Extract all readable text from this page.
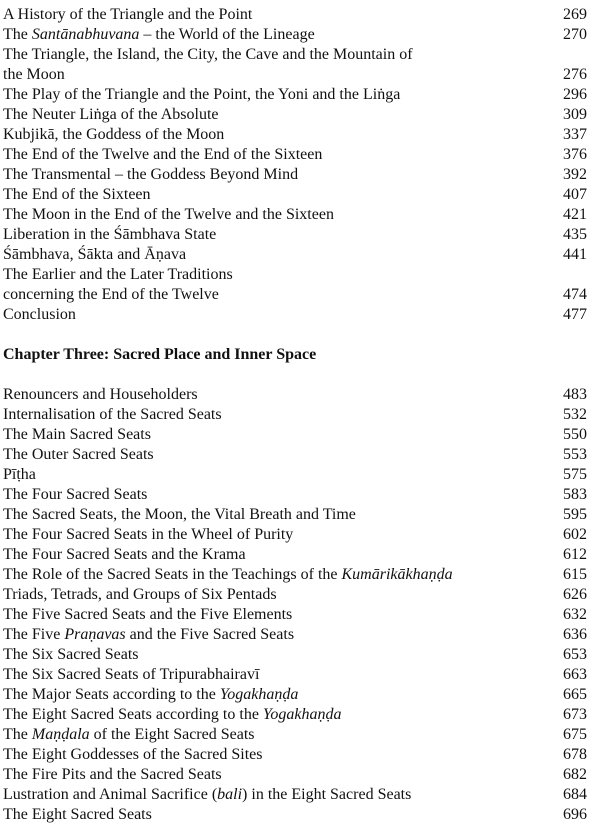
A History of the Triangle and the Point	269
The Santānabhuvana – the World of the Lineage	270
The Triangle, the Island, the City, the Cave and the Mountain of
the Moon	276
The Play of the Triangle and the Point, the Yoni and the Liṅga	296
The Neuter Liṅga of the Absolute	309
Kubjikā, the Goddess of the Moon	337
The End of the Twelve and the End of the Sixteen	376
The Transmental – the Goddess Beyond Mind	392
The End of the Sixteen	407
The Moon in the End of the Twelve and the Sixteen	421
Liberation in the Śāmbhava State	435
Śāmbhava, Śākta and Āṇava	441
The Earlier and the Later Traditions
concerning the End of the Twelve	474
Conclusion	477
Chapter Three: Sacred Place and Inner Space
Renouncers and Householders	483
Internalisation of the Sacred Seats	532
The Main Sacred Seats	550
The Outer Sacred Seats	553
Pīṭha	575
The Four Sacred Seats	583
The Sacred Seats, the Moon, the Vital Breath and Time	595
The Four Sacred Seats in the Wheel of Purity	602
The Four Sacred Seats and the Krama	612
The Role of the Sacred Seats in the Teachings of the Kumārikākhaṇḍa	615
Triads, Tetrads, and Groups of Six Pentads	626
The Five Sacred Seats and the Five Elements	632
The Five Praṇavas and the Five Sacred Seats	636
The Six Sacred Seats	653
The Six Sacred Seats of Tripurabhairavī	663
The Major Seats according to the Yogakhaṇḍa	665
The Eight Sacred Seats according to the Yogakhaṇḍa	673
The Maṇḍala of the Eight Sacred Seats	675
The Eight Goddesses of the Sacred Sites	678
The Fire Pits and the Sacred Seats	682
Lustration and Animal Sacrifice (bali) in the Eight Sacred Seats	684
The Eight Sacred Seats	696
